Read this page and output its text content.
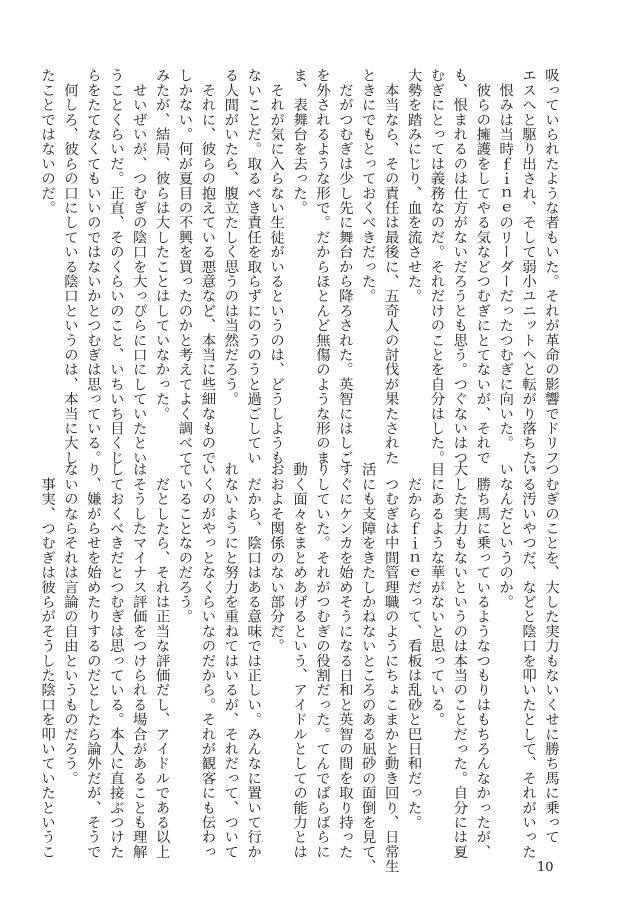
吸っていられたような者もいた。それが革命の影響でドリフ

エスへと駆り出され、そして弱小ユニットへと転がり落ちた。

　恨みは当時ｆｉｎｅのリーダーだったつむぎに向いた。

　彼らの擁護をしてやる気などつむぎにとてないが、それで

も、恨まれるのは仕方がないだろうとも思う。つぐないはつ

むぎにとっては義務なのだ。それだけのことを自分はした。

大勢を踏みにじり、血を流させた。

　本当なら、その責任は最後に、五奇人の討伐が果たされた

ときにでもとっておくべきだった。

　だがつむぎは少し先に舞台から降ろされた。英智にはしご

を外されるような形で。だからほとんど無傷のような形のま

ま、表舞台を去った。

　それが気に入らない生徒がいるというのは、どうしようも

ないことだ。取るべき責任を取らずにのうのうと過ごしてい

る人間がいたら、腹立たしく思うのは当然だろう。

　それに、彼らの抱えている悪意など、本当に些細なもので

しかない。何が夏目の不興を買ったのかと考えてよく調べて

みたが、結局、彼らは大したことはしていなかった。

　せいぜいが、つむぎの陰口を大っぴらに口にしていたとい

うことくらいだ。正直、そのくらいのこと、いちいち目くじ

らをたてなくてもいいのではないかとつむぎは思っている。

　何しろ、彼らの口にしている陰口というのは、本当に大し

たことではないのだ。

つむぎのことを、大した実力もないくせに勝ち馬に乗って

いる汚いやつだ、などと陰口を叩いたとして、それがいった

いなんだというのか。

　勝ち馬に乗っているようなつもりはもちろんなかったが、

大した実力もないというのは本当のことだった。自分には夏

目にあるような華がないと思っている。

　だからｆｉｎｅだって、看板は乱砂と巴日和だった。

　つむぎは中間管理職のようにちょこまかと動き回り、日常生

活にも支障をきたしかねないところのある凪砂の面倒を見て、

すぐにケンカを始めそうになる日和と英智の間を取り持った

りしていた。それがつむぎの役割だった。てんでばらばらに

動く面々をまとめあげるという、アイドルとしての能力とは

おおよそ関係のない部分だ。

　だから、陰口はある意味では正しい。みんなに置いて行か

れないようにと努力を重ねてはいるが、それだって、ついて

いくのがやっとなくらいなのだから。それが観客にも伝わっ

ていることなのだろう。

　だとしたら、それは正当な評価だし、アイドルである以上

はそうしたマイナス評価をつけられる場合があることも理解

しておくべきだとつむぎは思っている。本人に直接ぶつけた

り、嫌がらせを始めたりするのだとしたら論外だが、そうで

ないのならそれは言論の自由というものだろう。

　事実、つむぎは彼らがそうした陰口を叩いていたというこ

10
